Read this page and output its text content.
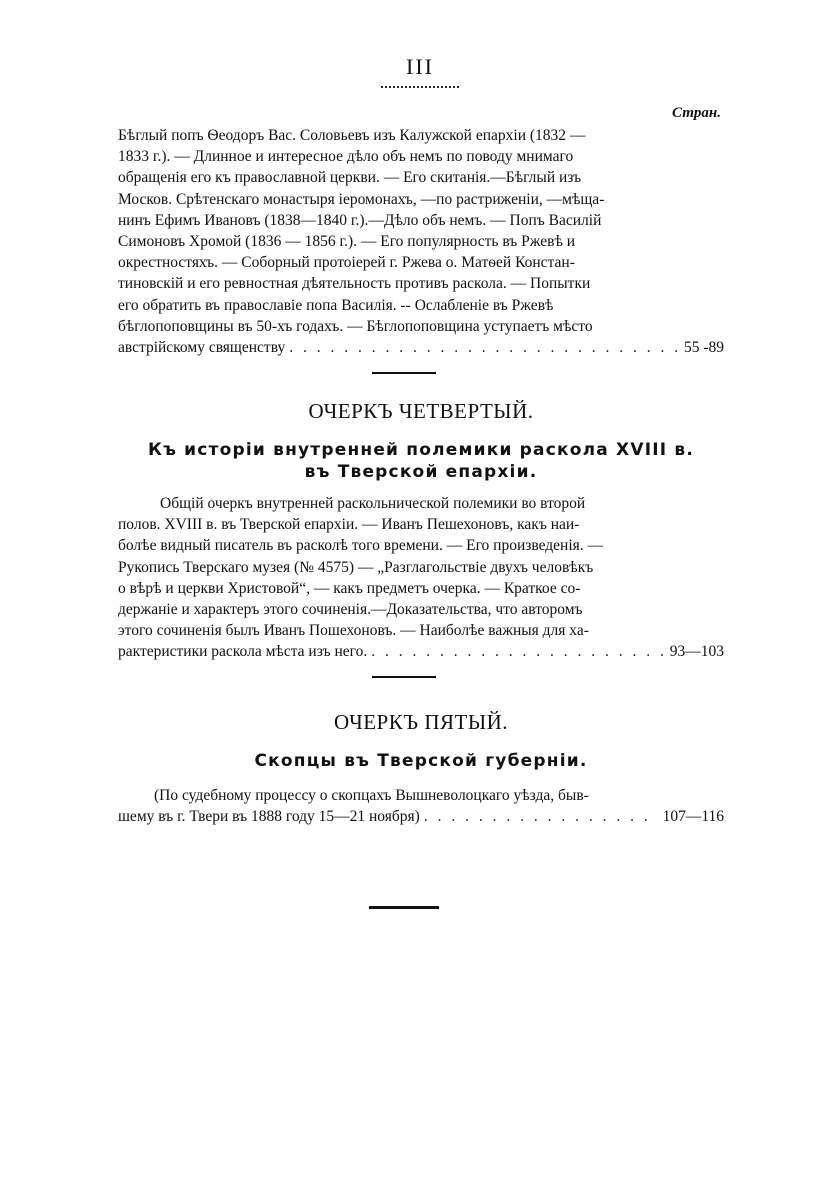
III
Стран.
Бѣглый попъ Ѳеодоръ Вас. Соловьевъ изъ Калужской епархіи (1832 —
1833 г.). — Длинное и интересное дѣло объ немъ по поводу мнимаго
обращенія его къ православной церкви. — Его скитанія.—Бѣглый изъ
Москов. Срѣтенскаго монастыря іеромонахъ, —по растриженіи, —мѣща-
нинъ Ефимъ Ивановъ (1838—1840 г.).—Дѣло объ немъ. — Попъ Василій
Симоновъ Хромой (1836 — 1856 г.). — Его популярность въ Ржевѣ и
окрестностяхъ. — Соборный протоіерей г. Ржева о. Матѳей Констан-
тиновскій и его ревностная дѣятельность противъ раскола. — Попытки
его обратить въ православіе попа Василія. -- Ослабленіе въ Ржевѣ
бѣглопоповщины въ 50-хъ годахъ. — Бѣглопоповщина уступаетъ мѣсто
австрійскому священству . . .	55 -89
ОЧЕРКЪ ЧЕТВЕРТЫЙ.
Къ исторіи внутренней полемики раскола XVIII в.
въ Тверской епархіи.
Общій очеркъ внутренней раскольнической полемики во второй
полов. XVIII в. въ Тверской епархіи. — Иванъ Пешехоновъ, какъ наи-
болѣе видный писатель въ расколѣ того времени. — Его произведенія. —
Рукопись Тверскаго музея (№ 4575) — „Разглагольствіе двухъ человѣкъ
о вѣрѣ и церкви Христовой“, — какъ предметъ очерка. — Краткое со-
держаніе и характеръ этого сочиненія.—Доказательства, что авторомъ
этого сочиненія былъ Иванъ Пошехоновъ. — Наиболѣе важныя для ха-
рактеристики раскола мѣста изъ него. . . .	93—103
ОЧЕРКЪ ПЯТЫЙ.
Скопцы въ Тверской губерніи.
(По судебному процессу о скопцахъ Вышневолоцкаго уѣзда, быв-
шему въ г. Твери въ 1888 году 15—21 ноября) . . .	107—116
